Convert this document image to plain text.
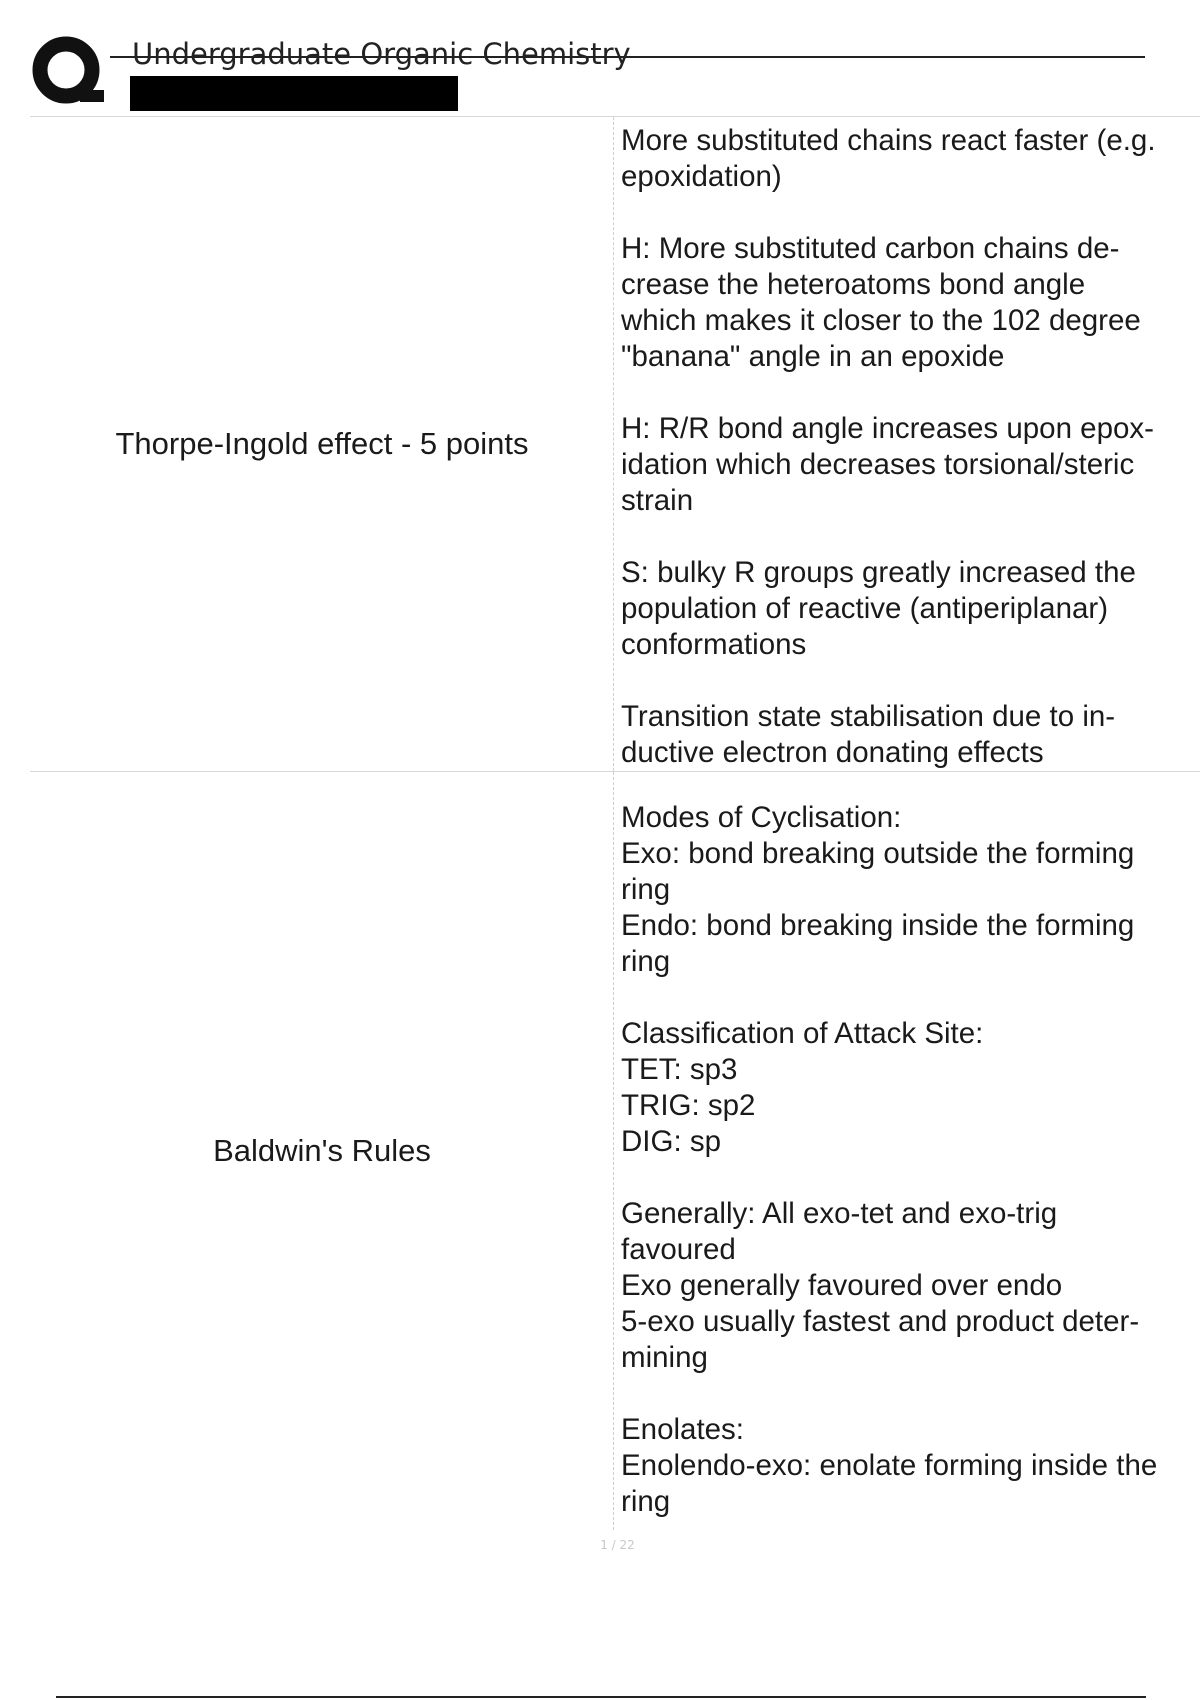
Undergraduate Organic Chemistry
Thorpe-Ingold effect - 5 points

More substituted chains react faster (e.g.
epoxidation)

H: More substituted carbon chains de-
crease the heteroatoms bond angle
which makes it closer to the 102 degree
"banana" angle in an epoxide

H: R/R bond angle increases upon epox-
idation which decreases torsional/steric
strain

S: bulky R groups greatly increased the
population of reactive (antiperiplanar)
conformations

Transition state stabilisation due to in-
ductive electron donating effects

Baldwin's Rules

Modes of Cyclisation:
Exo: bond breaking outside the forming
ring
Endo: bond breaking inside the forming
ring

Classification of Attack Site:
TET: sp3
TRIG: sp2
DIG: sp

Generally: All exo-tet and exo-trig
favoured
Exo generally favoured over endo
5-exo usually fastest and product deter-
mining

Enolates:
Enolendo-exo: enolate forming inside the
ring

1 / 22
